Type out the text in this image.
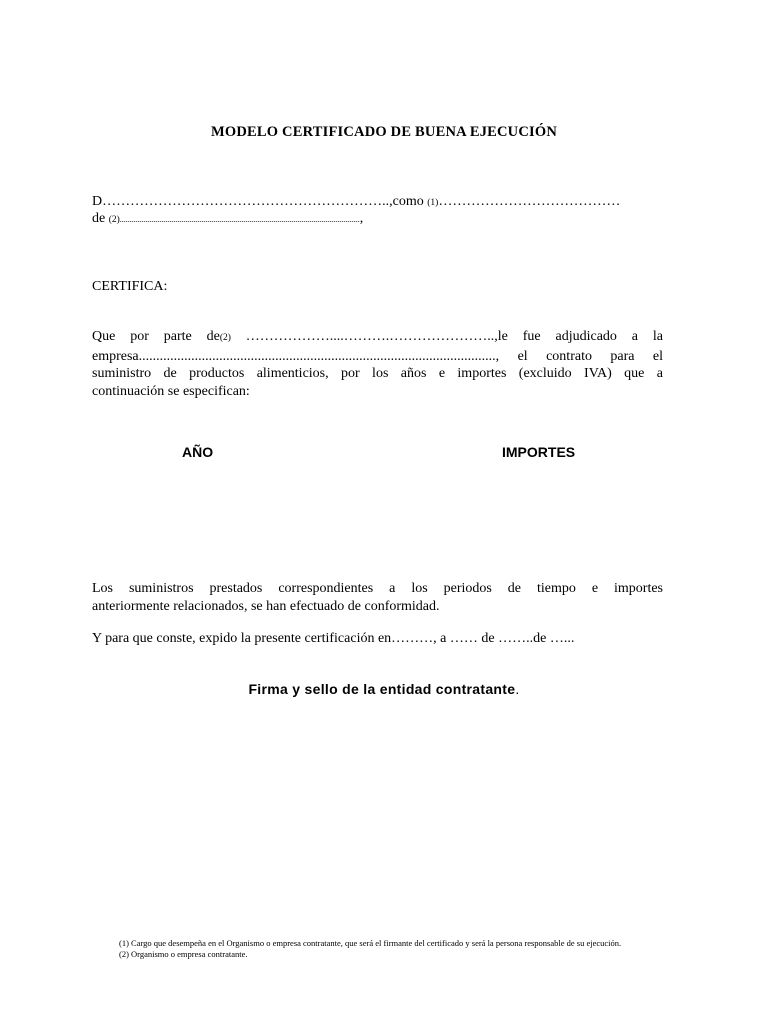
MODELO CERTIFICADO DE BUENA EJECUCIÓN
D……………………………………………………..,como (1)…………………………………
de (2)........................................................................................................................,
CERTIFICA:
Que por parte de(2) ………………....……….…………………..,le fue adjudicado a la
empresa......................................................................................................, el contrato para el
suministro de productos alimenticios, por los años e importes (excluido IVA) que a
continuación se especifican:
AÑO	IMPORTES
Los suministros prestados correspondientes a los periodos de tiempo e importes
anteriormente relacionados, se han efectuado de conformidad.
Y para que conste, expido la presente certificación en………, a …… de ……..de …...
Firma y sello de la entidad contratante.
(1) Cargo que desempeña en el Organismo o empresa contratante, que será el firmante del certificado y será la persona responsable de su ejecución.
(2) Organismo o empresa contratante.
